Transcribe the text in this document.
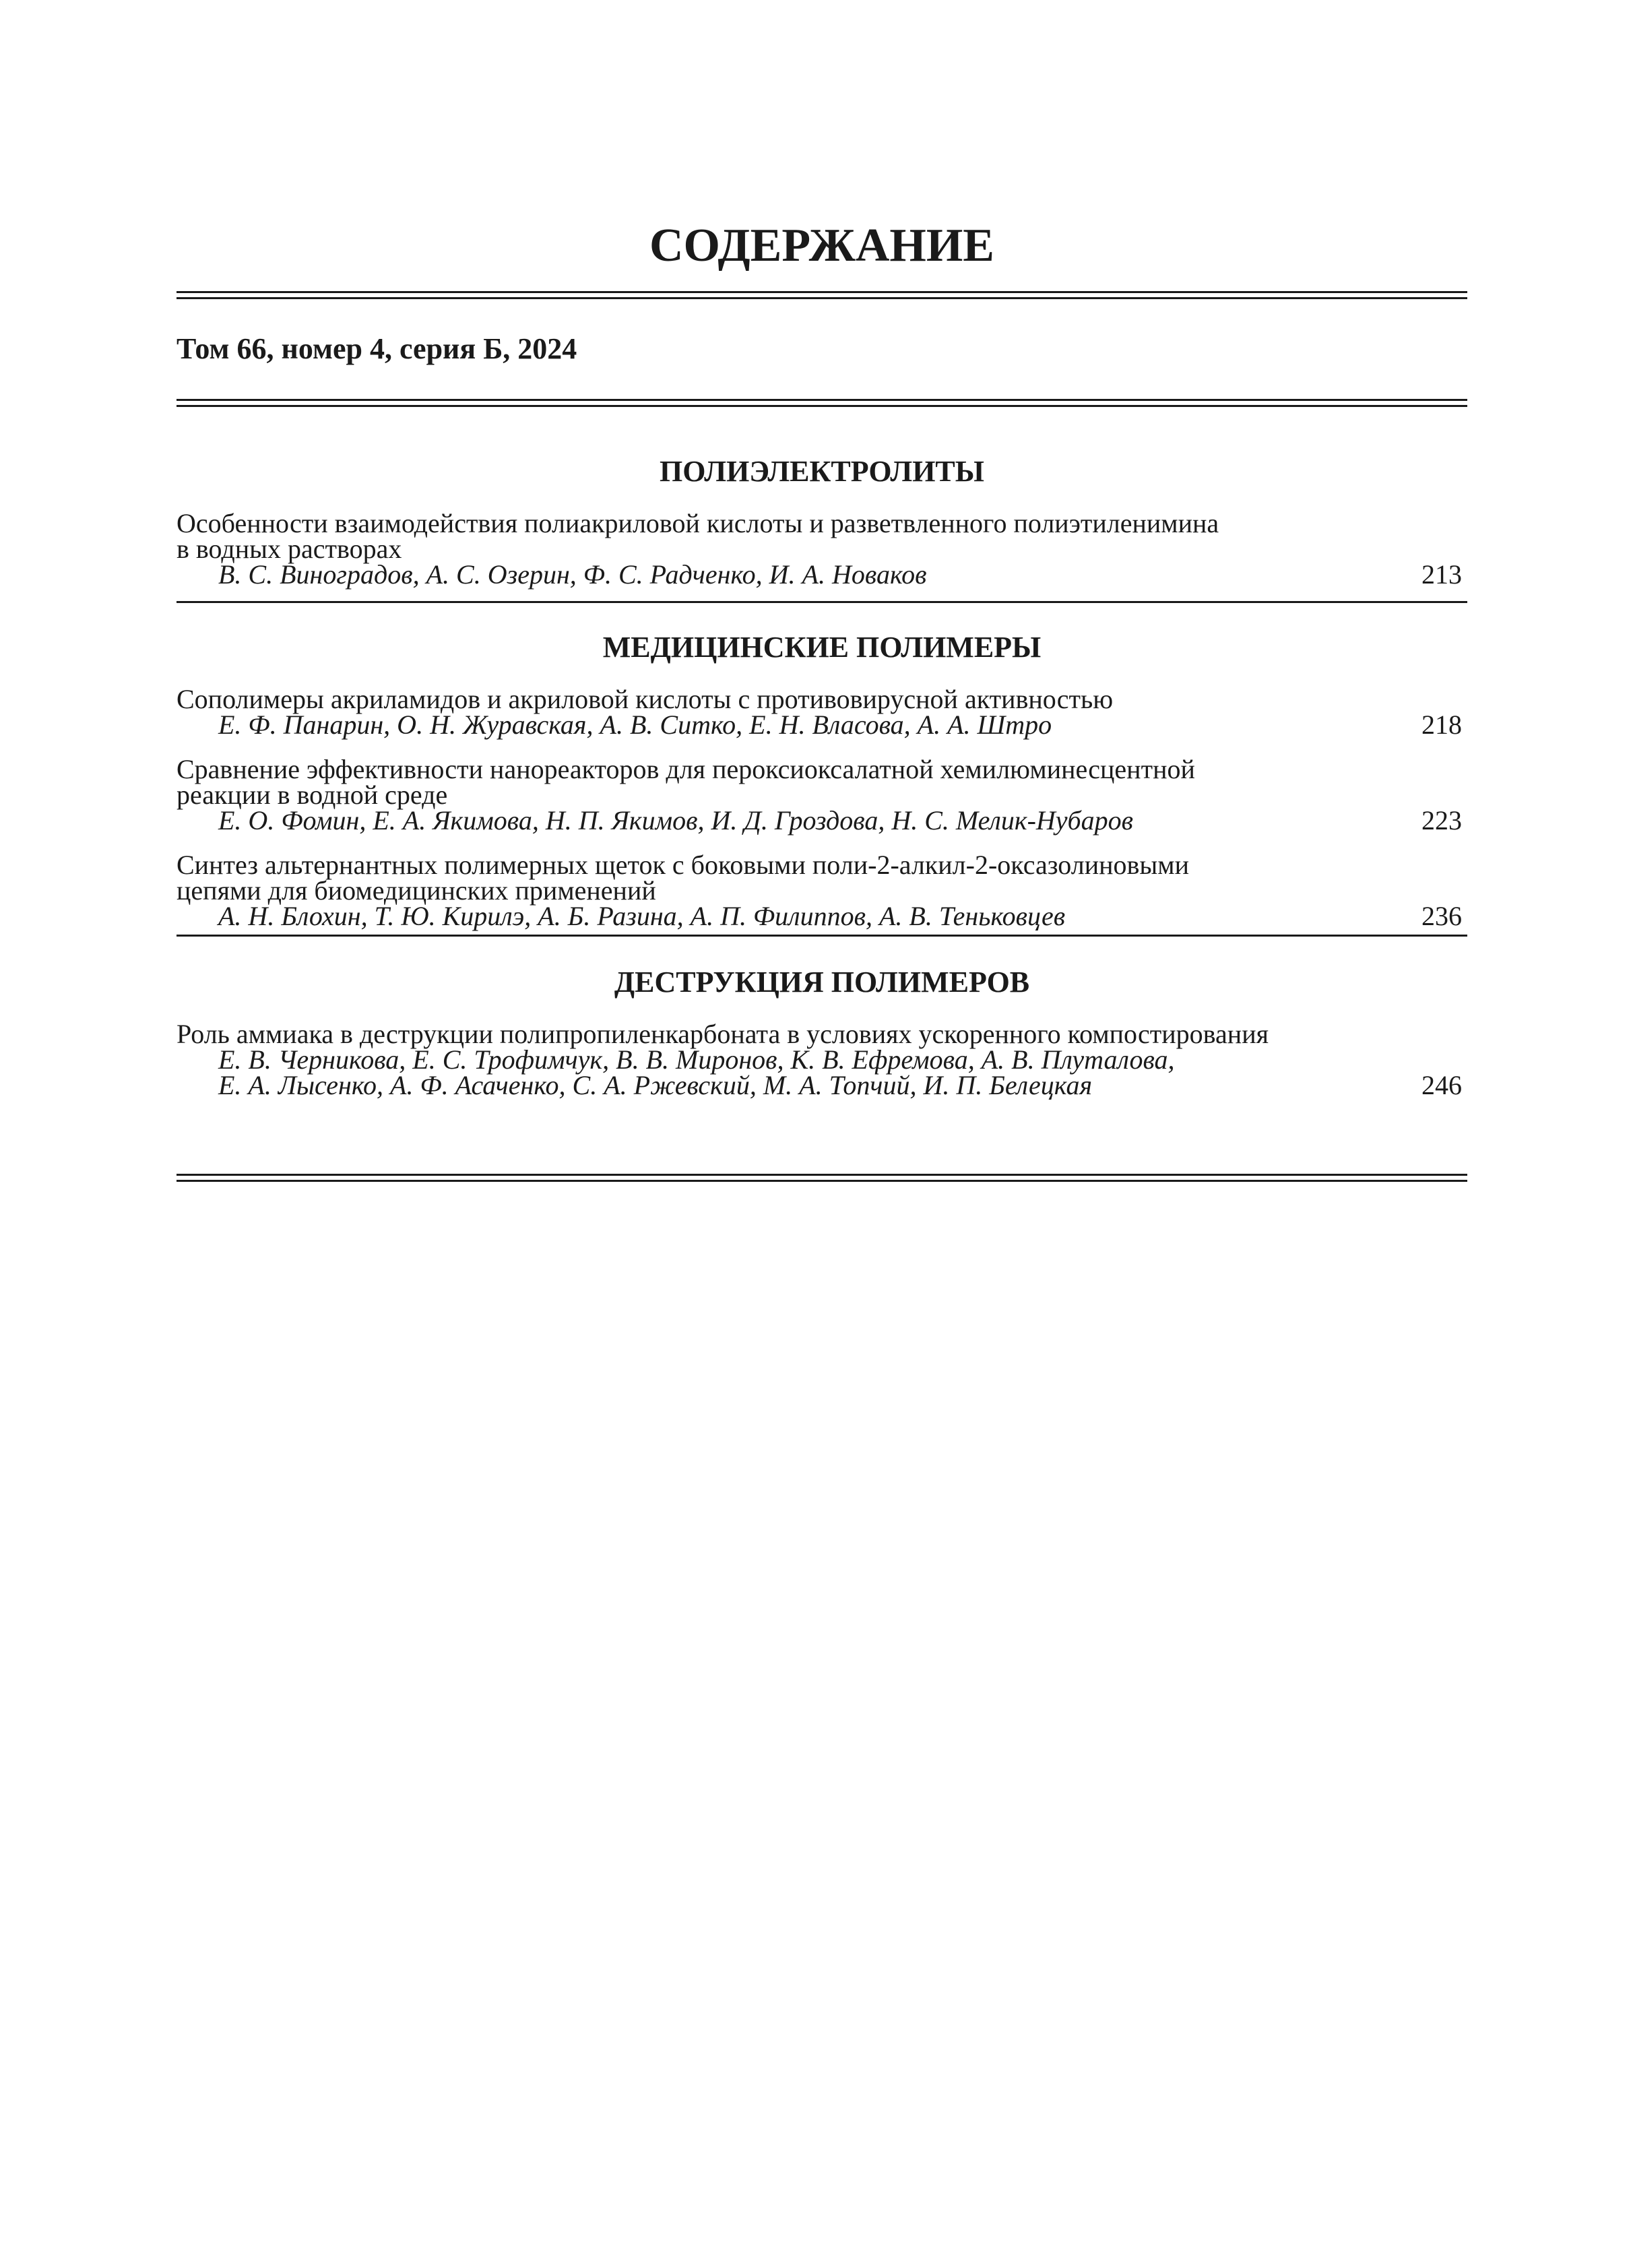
СОДЕРЖАНИЕ
Том 66, номер 4, серия Б, 2024
ПОЛИЭЛЕКТРОЛИТЫ
Особенности взаимодействия полиакриловой кислоты и разветвленного полиэтиленимина
в водных растворах
В. С. Виноградов, А. С. Озерин, Ф. С. Радченко, И. А. Новаков	213
МЕДИЦИНСКИЕ ПОЛИМЕРЫ
Сополимеры акриламидов и акриловой кислоты с противовирусной активностью
Е. Ф. Панарин, О. Н. Журавская, А. В. Ситко, Е. Н. Власова, А. А. Штро	218
Сравнение эффективности нанореакторов для пероксиоксалатной хемилюминесцентной
реакции в водной среде
Е. О. Фомин, Е. А. Якимова, Н. П. Якимов, И. Д. Гроздова, Н. С. Мелик-Нубаров	223
Синтез альтернантных полимерных щеток с боковыми поли-2-алкил-2-оксазолиновыми
цепями для биомедицинских применений
А. Н. Блохин, Т. Ю. Кирилэ, А. Б. Разина, А. П. Филиппов, А. В. Теньковцев	236
ДЕСТРУКЦИЯ ПОЛИМЕРОВ
Роль аммиака в деструкции полипропиленкарбоната в условиях ускоренного компостирования
Е. В. Черникова, Е. С. Трофимчук, В. В. Миронов, К. В. Ефремова, А. В. Плуталова,
Е. А. Лысенко, А. Ф. Асаченко, С. А. Ржевский, М. А. Топчий, И. П. Белецкая	246
